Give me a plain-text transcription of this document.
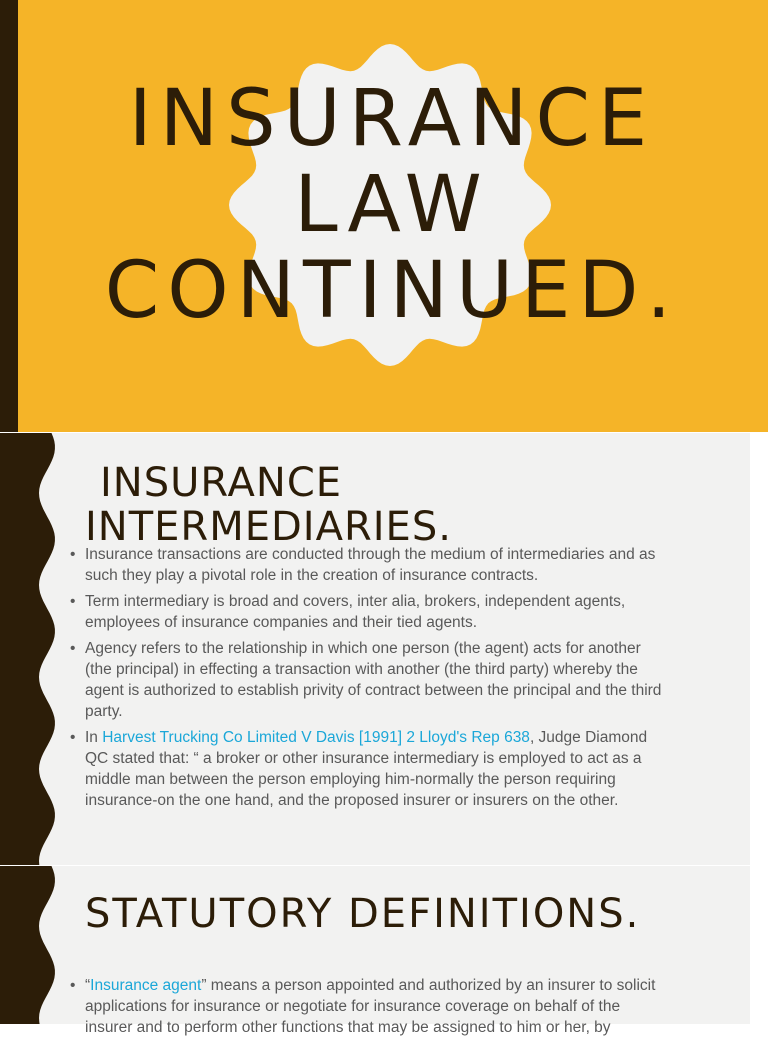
INSURANCE
LAW
CONTINUED.
INSURANCE
INTERMEDIARIES.
• Insurance transactions are conducted through the medium of intermediaries and as such they play a pivotal role in the creation of insurance contracts.
• Term intermediary is broad and covers, inter alia, brokers, independent agents, employees of insurance companies and their tied agents.
• Agency refers to the relationship in which one person (the agent) acts for another (the principal) in effecting a transaction with another (the third party) whereby the agent is authorized to establish privity of contract between the principal and the third party.
• In Harvest Trucking Co Limited V Davis [1991] 2 Lloyd's Rep 638, Judge Diamond QC stated that: “ a broker or other insurance intermediary is employed to act as a middle man between the person employing him-normally the person requiring insurance-on the one hand, and the proposed insurer or insurers on the other.
STATUTORY DEFINITIONS.
• “Insurance agent” means a person appointed and authorized by an insurer to solicit applications for insurance or negotiate for insurance coverage on behalf of the insurer and to perform other functions that may be assigned to him or her, by
